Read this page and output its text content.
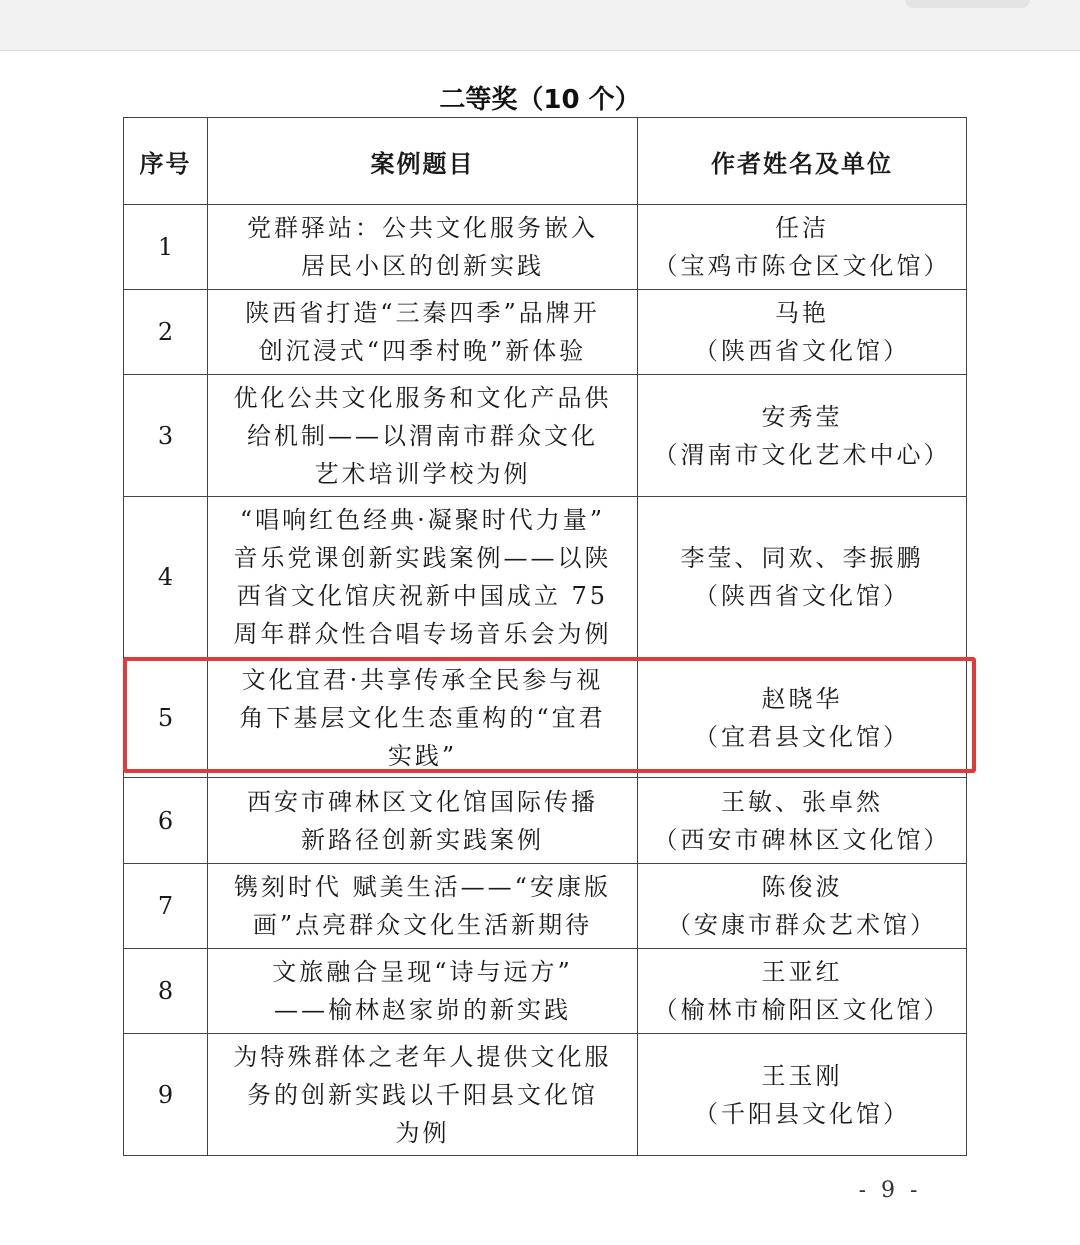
二等奖（10 个）
序号	案例题目	作者姓名及单位
1	党群驿站：公共文化服务嵌入
居民小区的创新实践	任洁
（宝鸡市陈仓区文化馆）

2	陕西省打造“三秦四季”品牌开
创沉浸式“四季村晚”新体验	马艳
（陕西省文化馆）

3	优化公共文化服务和文化产品供
给机制——以渭南市群众文化
艺术培训学校为例	安秀莹
（渭南市文化艺术中心）

4	“唱响红色经典·凝聚时代力量”
音乐党课创新实践案例——以陕
西省文化馆庆祝新中国成立 75
周年群众性合唱专场音乐会为例	李莹、同欢、李振鹏
（陕西省文化馆）

5	文化宜君·共享传承全民参与视
角下基层文化生态重构的“宜君
实践”	赵晓华
（宜君县文化馆）

6	西安市碑林区文化馆国际传播
新路径创新实践案例	王敏、张卓然
（西安市碑林区文化馆）

7	镌刻时代 赋美生活——“安康版
画”点亮群众文化生活新期待	陈俊波
（安康市群众艺术馆）

8	文旅融合呈现“诗与远方”
——榆林赵家峁的新实践	王亚红
（榆林市榆阳区文化馆）

9	为特殊群体之老年人提供文化服
务的创新实践以千阳县文化馆
为例	王玉刚
（千阳县文化馆）
- 9 -
